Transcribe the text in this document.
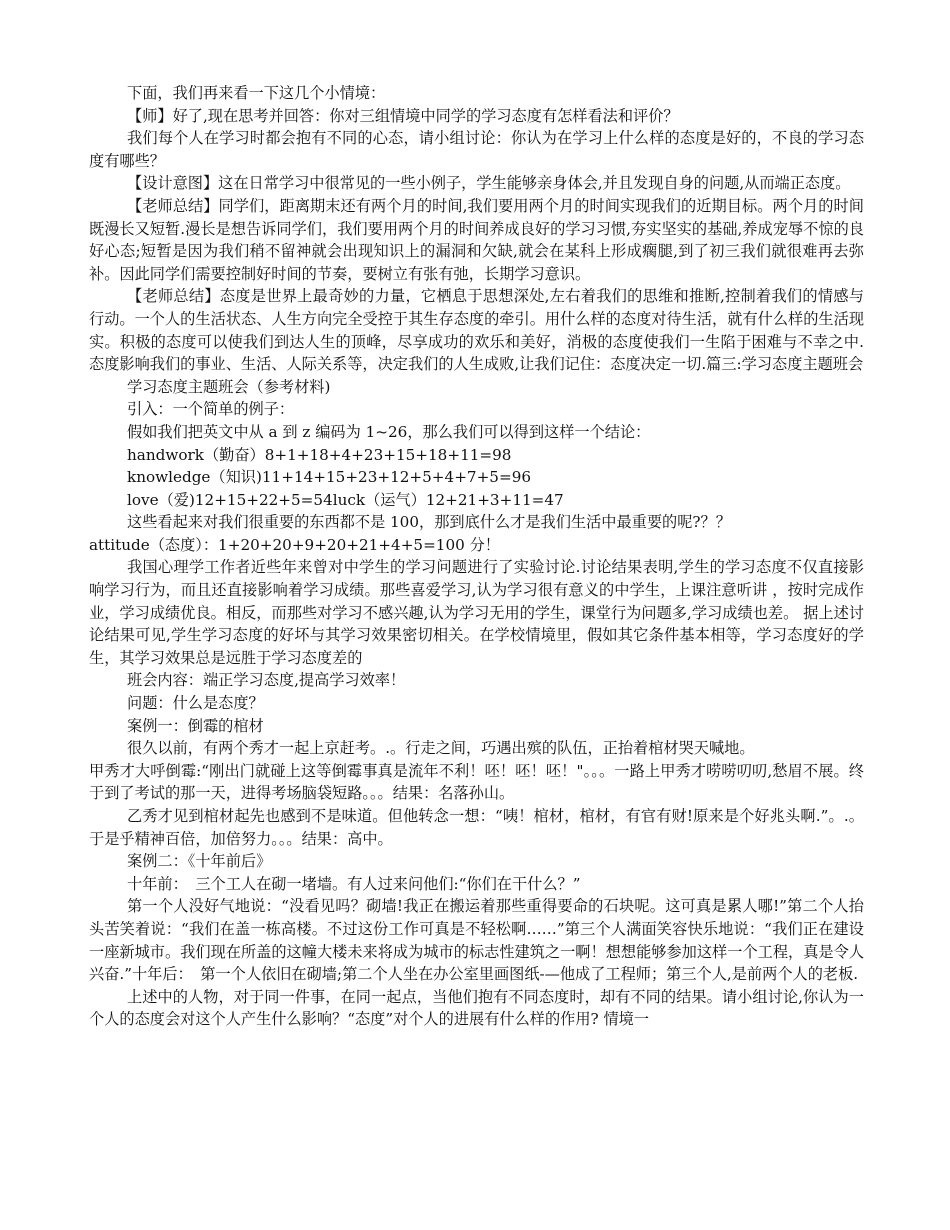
下面，我们再来看一下这几个小情境：

【师】好了,现在思考并回答：你对三组情境中同学的学习态度有怎样看法和评价？

我们每个人在学习时都会抱有不同的心态，请小组讨论：你认为在学习上什么样的态度是好的，不良的学习态度有哪些？

【设计意图】这在日常学习中很常见的一些小例子，学生能够亲身体会,并且发现自身的问题,从而端正态度。

【老师总结】同学们，距离期末还有两个月的时间,我们要用两个月的时间实现我们的近期目标。两个月的时间既漫长又短暂.漫长是想告诉同学们，我们要用两个月的时间养成良好的学习习惯,夯实坚实的基础,养成宠辱不惊的良好心态;短暂是因为我们稍不留神就会出现知识上的漏洞和欠缺,就会在某科上形成瘸腿,到了初三我们就很难再去弥补。因此同学们需要控制好时间的节奏，要树立有张有弛，长期学习意识。

【老师总结】态度是世界上最奇妙的力量，它栖息于思想深处,左右着我们的思维和推断,控制着我们的情感与行动。一个人的生活状态、人生方向完全受控于其生存态度的牵引。用什么样的态度对待生活，就有什么样的生活现实。积极的态度可以使我们到达人生的顶峰，尽享成功的欢乐和美好，消极的态度使我们一生陷于困难与不幸之中.态度影响我们的事业、生活、人际关系等，决定我们的人生成败,让我们记住：态度决定一切.篇三:学习态度主题班会

学习态度主题班会（参考材料)

引入：一个简单的例子：

假如我们把英文中从 a 到 z 编码为 1~26，那么我们可以得到这样一个结论：

handwork（勤奋）8+1+18+4+23+15+18+11=98

knowledge（知识)11+14+15+23+12+5+4+7+5=96

love（爱)12+15+22+5=54luck（运气）12+21+3+11=47

这些看起来对我们很重要的东西都不是 100，那到底什么才是我们生活中最重要的呢?？？

attitude（态度）：1+20+20+9+20+21+4+5=100 分！

我国心理学工作者近些年来曾对中学生的学习问题进行了实验讨论.讨论结果表明,学生的学习态度不仅直接影响学习行为，而且还直接影响着学习成绩。那些喜爱学习,认为学习很有意义的中学生，上课注意听讲 ，按时完成作业，学习成绩优良。相反，而那些对学习不感兴趣,认为学习无用的学生，课堂行为问题多,学习成绩也差。 据上述讨论结果可见,学生学习态度的好坏与其学习效果密切相关。在学校情境里，假如其它条件基本相等，学习态度好的学生，其学习效果总是远胜于学习态度差的

班会内容：端正学习态度,提高学习效率！

问题：什么是态度？

案例一：倒霉的棺材

很久以前，有两个秀才一起上京赶考。.。行走之间，巧遇出殡的队伍，正抬着棺材哭天喊地。

甲秀才大呼倒霉:“刚出门就碰上这等倒霉事真是流年不利！呸！呸！呸！"。。。一路上甲秀才唠唠叨叨,愁眉不展。终于到了考试的那一天，进得考场脑袋短路。。。结果：名落孙山。

乙秀才见到棺材起先也感到不是味道。但他转念一想：“咦！棺材，棺材，有官有财!原来是个好兆头啊.”。.。于是乎精神百倍，加倍努力。。。结果：高中。

案例二：《十年前后》

十年前：　三个工人在砌一堵墙。有人过来问他们:“你们在干什么？”

第一个人没好气地说：“没看见吗？砌墙!我正在搬运着那些重得要命的石块呢。这可真是累人哪!”第二个人抬头苦笑着说：“我们在盖一栋高楼。不过这份工作可真是不轻松啊……”第三个人满面笑容快乐地说：“我们正在建设一座新城市。我们现在所盖的这幢大楼未来将成为城市的标志性建筑之一啊！想想能够参加这样一个工程，真是令人兴奋.”十年后：　第一个人依旧在砌墙;第二个人坐在办公室里画图纸-—他成了工程师；第三个人,是前两个人的老板.

上述中的人物，对于同一件事，在同一起点，当他们抱有不同态度时，却有不同的结果。请小组讨论,你认为一个人的态度会对这个人产生什么影响？“态度”对个人的进展有什么样的作用? 情境一
